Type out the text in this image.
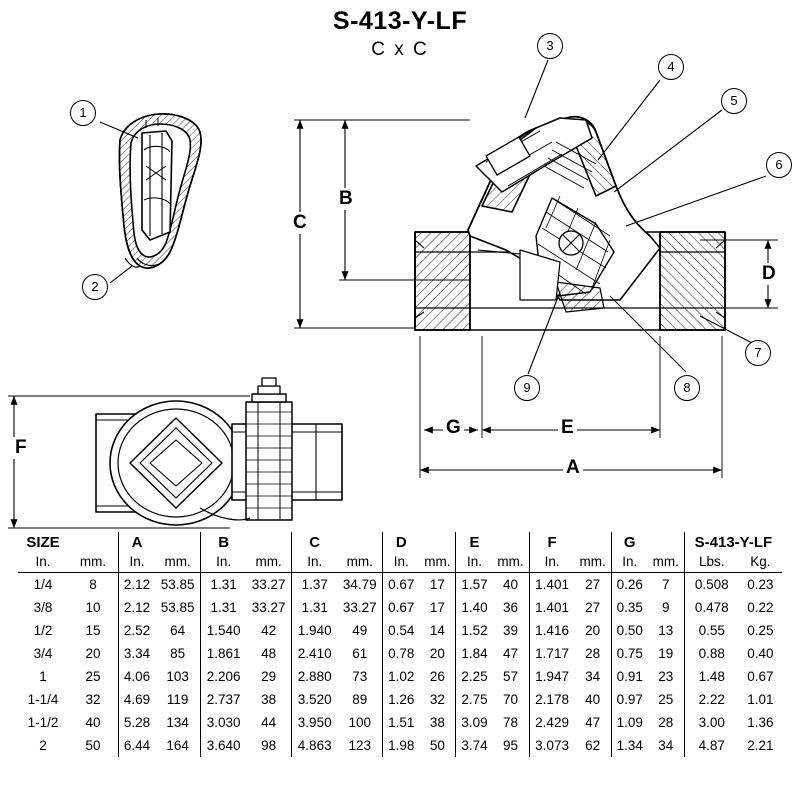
S-413-Y-LF
C x C
1
2
3
4
5
6
7
8
9
C
B
D
A
E
G
F
SIZE		A		B		C		D		E		F		G		S-413-Y-LF	
In.	mm.	In.	mm.	In.	mm.	In.	mm.	In.	mm.	In.	mm.	In.	mm.	In.	mm.	Lbs.	Kg.
1/4	8	2.12	53.85	1.31	33.27	1.37	34.79	0.67	17	1.57	40	1.401	27	0.26	7	0.508	0.23
3/8	10	2.12	53.85	1.31	33.27	1.31	33.27	0.67	17	1.40	36	1.401	27	0.35	9	0.478	0.22
1/2	15	2.52	64	1.540	42	1.940	49	0.54	14	1.52	39	1.416	20	0.50	13	0.55	0.25
3/4	20	3.34	85	1.861	48	2.410	61	0.78	20	1.84	47	1.717	28	0.75	19	0.88	0.40
1	25	4.06	103	2.206	29	2.880	73	1.02	26	2.25	57	1.947	34	0.91	23	1.48	0.67
1-1/4	32	4.69	119	2.737	38	3.520	89	1.26	32	2.75	70	2.178	40	0.97	25	2.22	1.01
1-1/2	40	5.28	134	3.030	44	3.950	100	1.51	38	3.09	78	2.429	47	1.09	28	3.00	1.36
2	50	6.44	164	3.640	98	4.863	123	1.98	50	3.74	95	3.073	62	1.34	34	4.87	2.21
